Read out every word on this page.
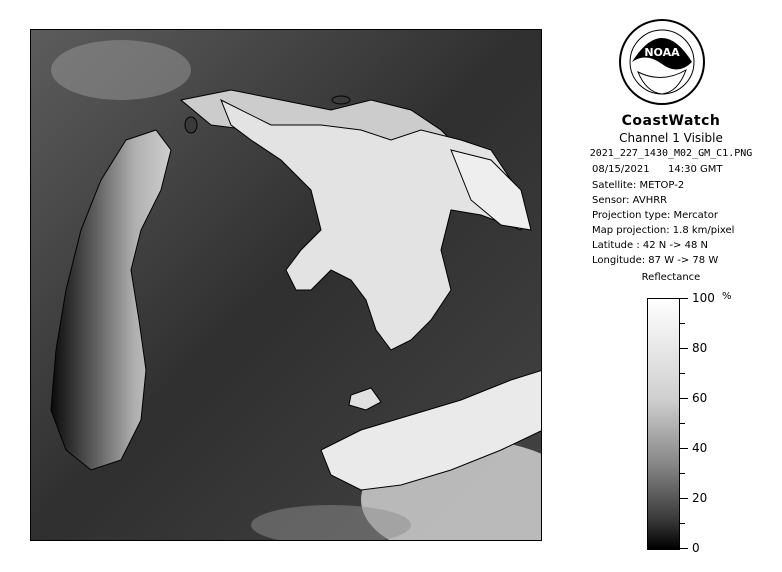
NOAA
CoastWatch
Channel 1 Visible
2021_227_1430_M02_GM_C1.PNG
08/15/2021 14:30 GMT
Satellite: METOP-2
Sensor: AVHRR
Projection type: Mercator
Map projection: 1.8 km/pixel
Latitude : 42 N -> 48 N
Longitude: 87 W -> 78 W
Reflectance
%
100
80
60
40
20
0
